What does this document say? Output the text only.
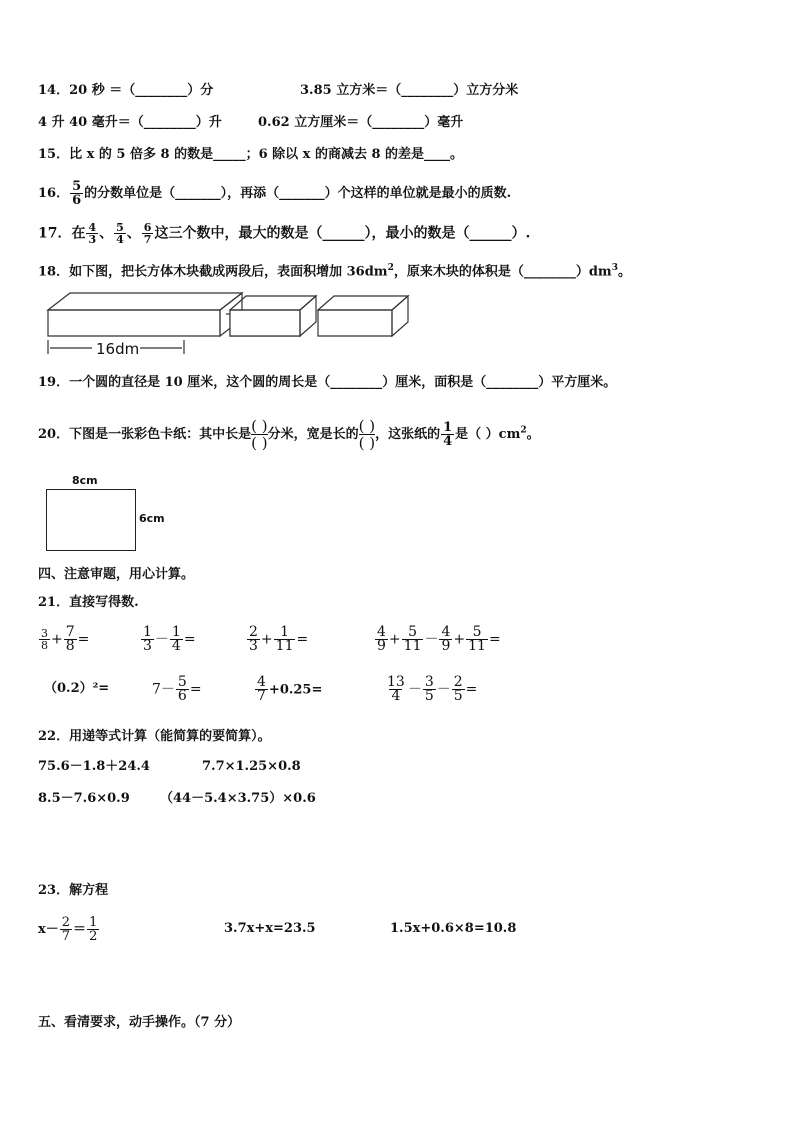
14．20 秒 ＝（________）分	3.85 立方米＝（________）立方分米
4 升 40 毫升＝（________）升	0.62 立方厘米＝（________）毫升
15．比 x 的 5 倍多 8 的数是_____；6 除以 x 的商减去 8 的差是____。
16． $\frac{5}{6}$ 的分数单位是（_______），再添（_______）个这样的单位就是最小的质数.
17．在 $\frac{4}{3}$ 、 $\frac{5}{4}$ 、 $\frac{6}{7}$ 这三个数中，最大的数是（______），最小的数是（______）.
18．如下图，把长方体木块截成两段后，表面积增加 $36dm^2$，原来木块的体积是$(\_\_\_\_\_\_\_\_)dm^3$。
16dm
19．一个圆的直径是 10 厘米，这个圆的周长是（________）厘米，面积是（________）平方厘米。
20．下图是一张彩色卡纸：其中长是 ( )
( ) 分米，宽是长的 ( )
( ) ，这张纸的 $\frac{1}{4}$ 是（ ）$cm^2$。
8cm
6cm
四、注意审题，用心计算。
21．直接写得数.
$\frac{3}{8} + \frac{7}{8}$ =	$\frac{1}{3} - \frac{1}{4}$ =	$\frac{2}{3} + \frac{1}{11}$ =	$\frac{4}{9} + \frac{5}{11} - \frac{4}{9} + \frac{5}{11}$ =
（0.2）²=	$7- \frac{5}{6}$ =	$\frac{4}{7} +0.25=$	$\frac{13}{4} - \frac{3}{5} - \frac{2}{5}$ =
22．用递等式计算（能简算的要简算）。
75.6－1.8＋24.4	7.7×1.25×0.8
8.5－7.6×0.9 （44－5.4×3.75）×0.6
23．解方程
$x- \frac{2}{7} = \frac{1}{2}$	3.7x+x=23.5	1.5x+0.6×8=10.8
五、看清要求，动手操作。（7 分）
